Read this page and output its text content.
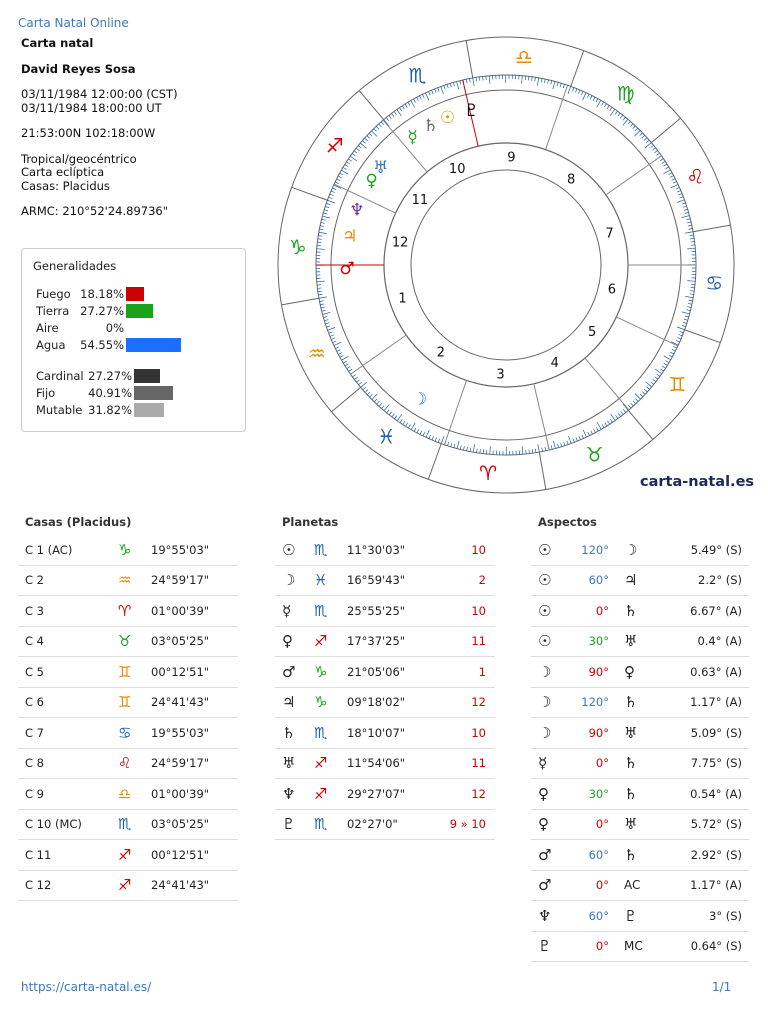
Carta Natal Online
Carta natal
David Reyes Sosa
03/11/1984 12:00:00 (CST)
03/11/1984 18:00:00 UT
21:53:00N 102:18:00W
Tropical/geocéntrico
Carta eclíptica
Casas: Placidus
ARMC: 210°52'24.89736"
Generalidades
Fuego 18.18%
Tierra 27.27%
Aire	0%
Agua	54.55%
Cardinal 27.27%
Fijo	40.91%
Mutable 31.82%
♑
♐
♏
♎
♍
♌
♋
♊
♉
♈
♓
♒
1
2
3
4
5
6
7
8
9
10
11
12
☉
☽
☿
♀
♂
♃
♄
♅
♆
♇
carta-natal.es
Casas (Placidus)
C 1 (AC)	♑ 19°55'03"
C 2	♒ 24°59'17"
C 3	♈ 01°00'39"
C 4	♉ 03°05'25"
C 5	♊ 00°12'51"
C 6	♊ 24°41'43"
C 7	♋ 19°55'03"
C 8	♌ 24°59'17"
C 9	♎ 01°00'39"
C 10 (MC) ♏ 03°05'25"
C 11	♐ 00°12'51"
C 12	♐ 24°41'43"
Planetas
☉ ♏ 11°30'03"	10
☽ ♓ 16°59'43"	2
☿ ♏ 25°55'25"	10
♀ ♐ 17°37'25"	11
♂ ♑ 21°05'06"	1
♃ ♑ 09°18'02"	12
♄ ♏ 18°10'07"	10
♅ ♐ 11°54'06"	11
♆ ♐ 29°27'07"	12
♇ ♏ 02°27'0"	9 » 10
Aspectos
☉	120° ☽	5.49° (S)
☉	60° ♃	2.2° (S)
☉	0° ♄	6.67° (A)
☉	30° ♅	0.4° (A)
☽	90° ♀	0.63° (A)
☽	120° ♄	1.17° (A)
☽	90° ♅	5.09° (S)
☿	0° ♄	7.75° (S)
♀	30° ♄	0.54° (A)
♀	0° ♅	5.72° (S)
♂	60° ♄	2.92° (S)
♂	0° AC	1.17° (A)
♆	60° ♇	3° (S)
♇	0° MC	0.64° (S)
https://carta-natal.es/	1/1
